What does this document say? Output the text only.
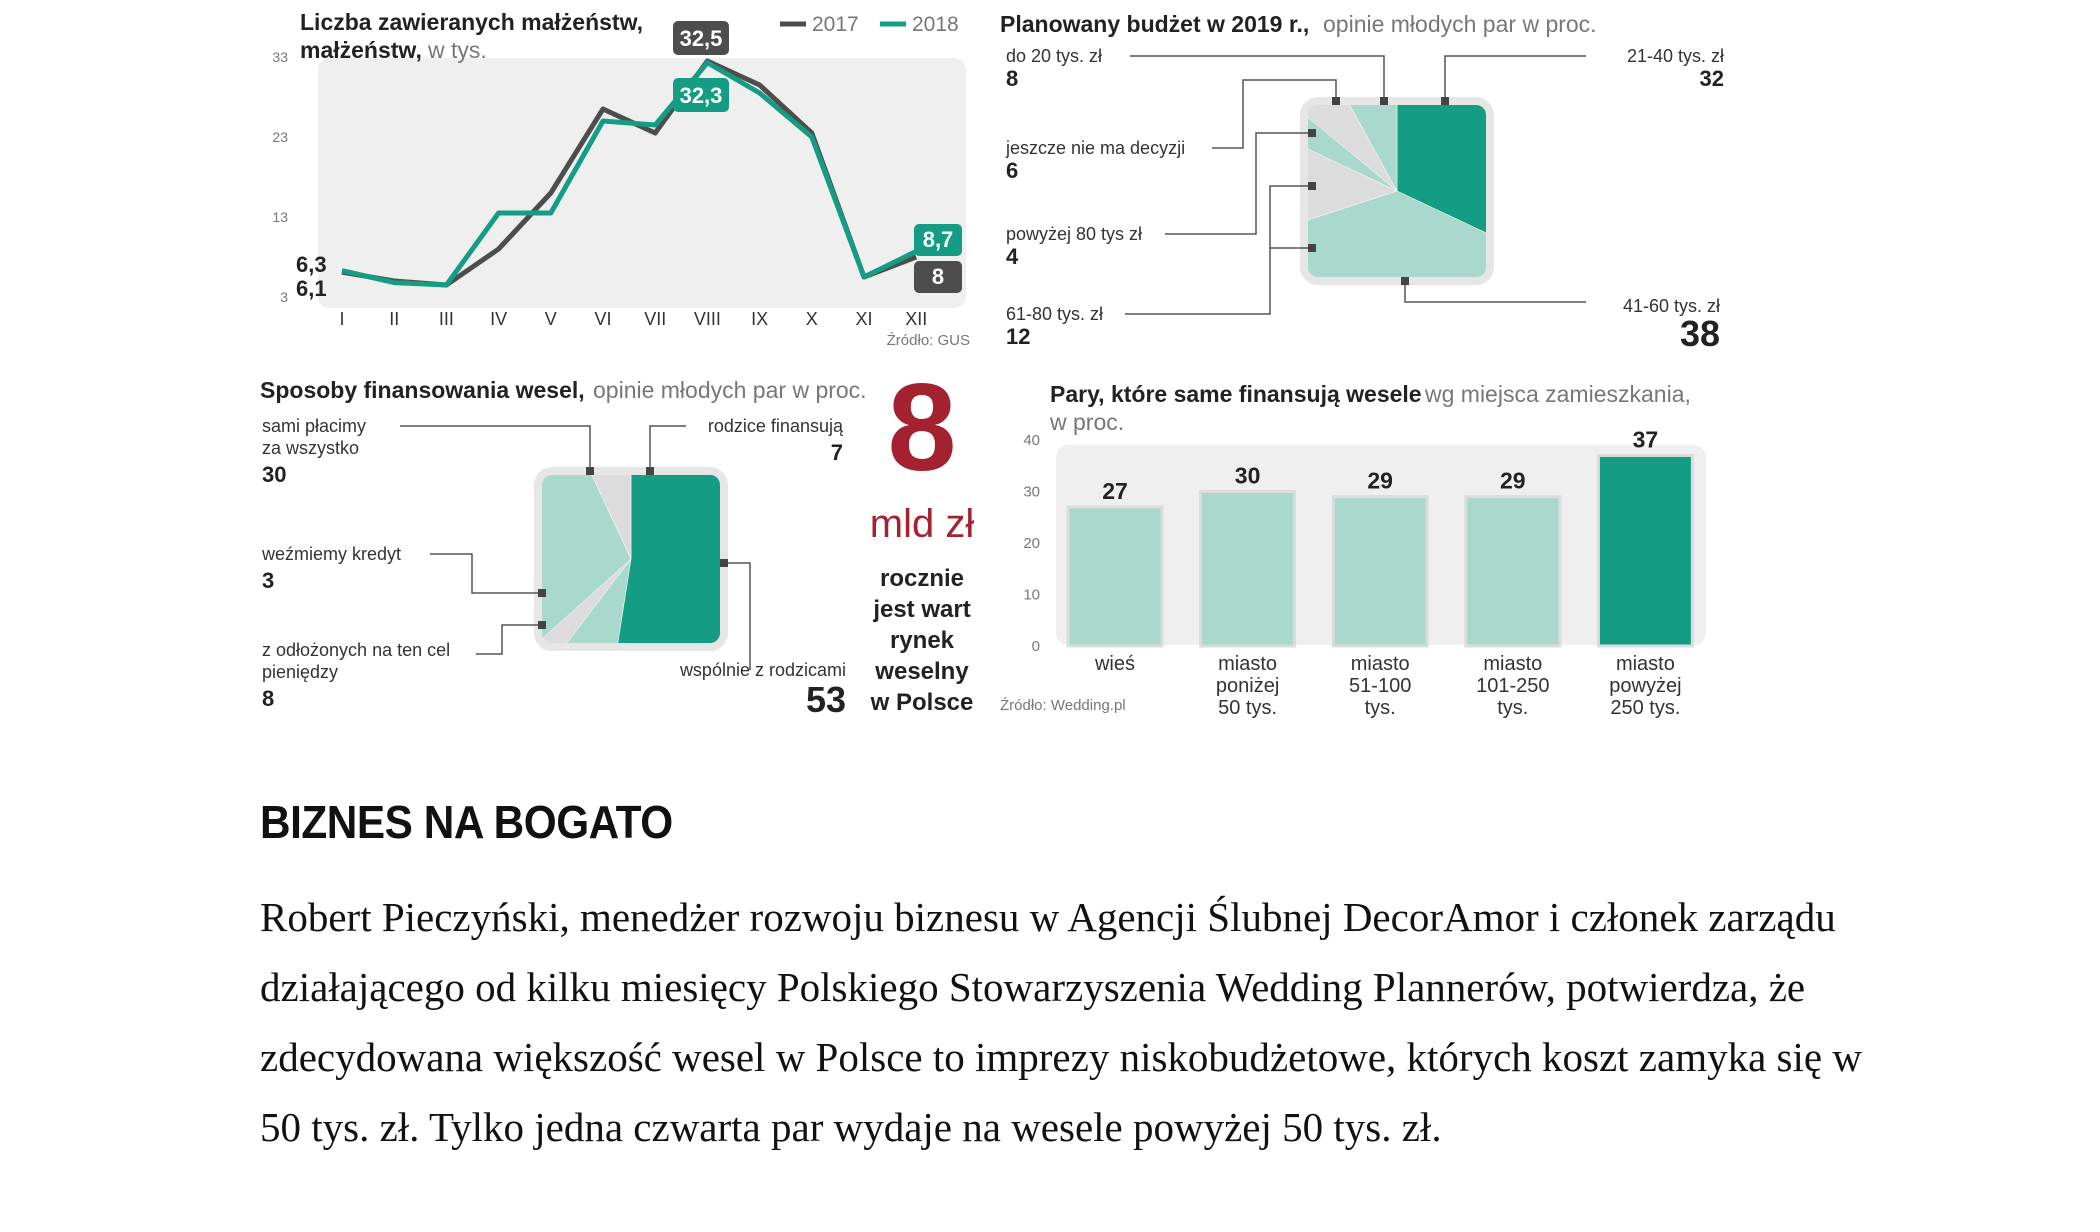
Liczba zawieranych małżeństw,
w tys.
2017	2018
33
23
13
3
I II III IV V VI VII VIII IX X XI XII
6,3
6,1
32,5
32,3
8,7
8
Źródło: GUS
małżeństw,
Planowany budżet w 2019 r., opinie młodych par w proc.
do 20 tys. zł
8
21-40 tys. zł
32
jeszcze nie ma decyzji
6
powyżej 80 tys zł
4
61-80 tys. zł
12
41-60 tys. zł
38
Sposoby finansowania wesel, opinie młodych par w proc.
sami płacimy
za wszystko
30
rodzice finansują
7
weźmiemy kredyt
3
z odłożonych na ten cel
pieniędzy
8
wspólnie z rodzicami
53
8
mld zł
rocznie
jest wart
rynek
weselny
w Polsce
Pary, które same finansują wesele wg miejsca zamieszkania,
w proc.
40
30
20
10
0
27
30	29	29
37
wieś	miasto
poniżej
50 tys.
miasto
51-100
tys.
miasto
101-250
tys.
miasto
powyżej
250 tys.
Źródło: Wedding.pl
BIZNES NA BOGATO

Robert Pieczyński, menedżer rozwoju biznesu w Agencji Ślubnej DecorAmor i członek zarządu działającego od kilku miesięcy Polskiego Stowarzyszenia Wedding Plannerów, potwierdza, że zdecydowana większość wesel w Polsce to imprezy niskobudżetowe, których koszt zamyka się w 50 tys. zł. Tylko jedna czwarta par wydaje na wesele powyżej 50 tys. zł.
